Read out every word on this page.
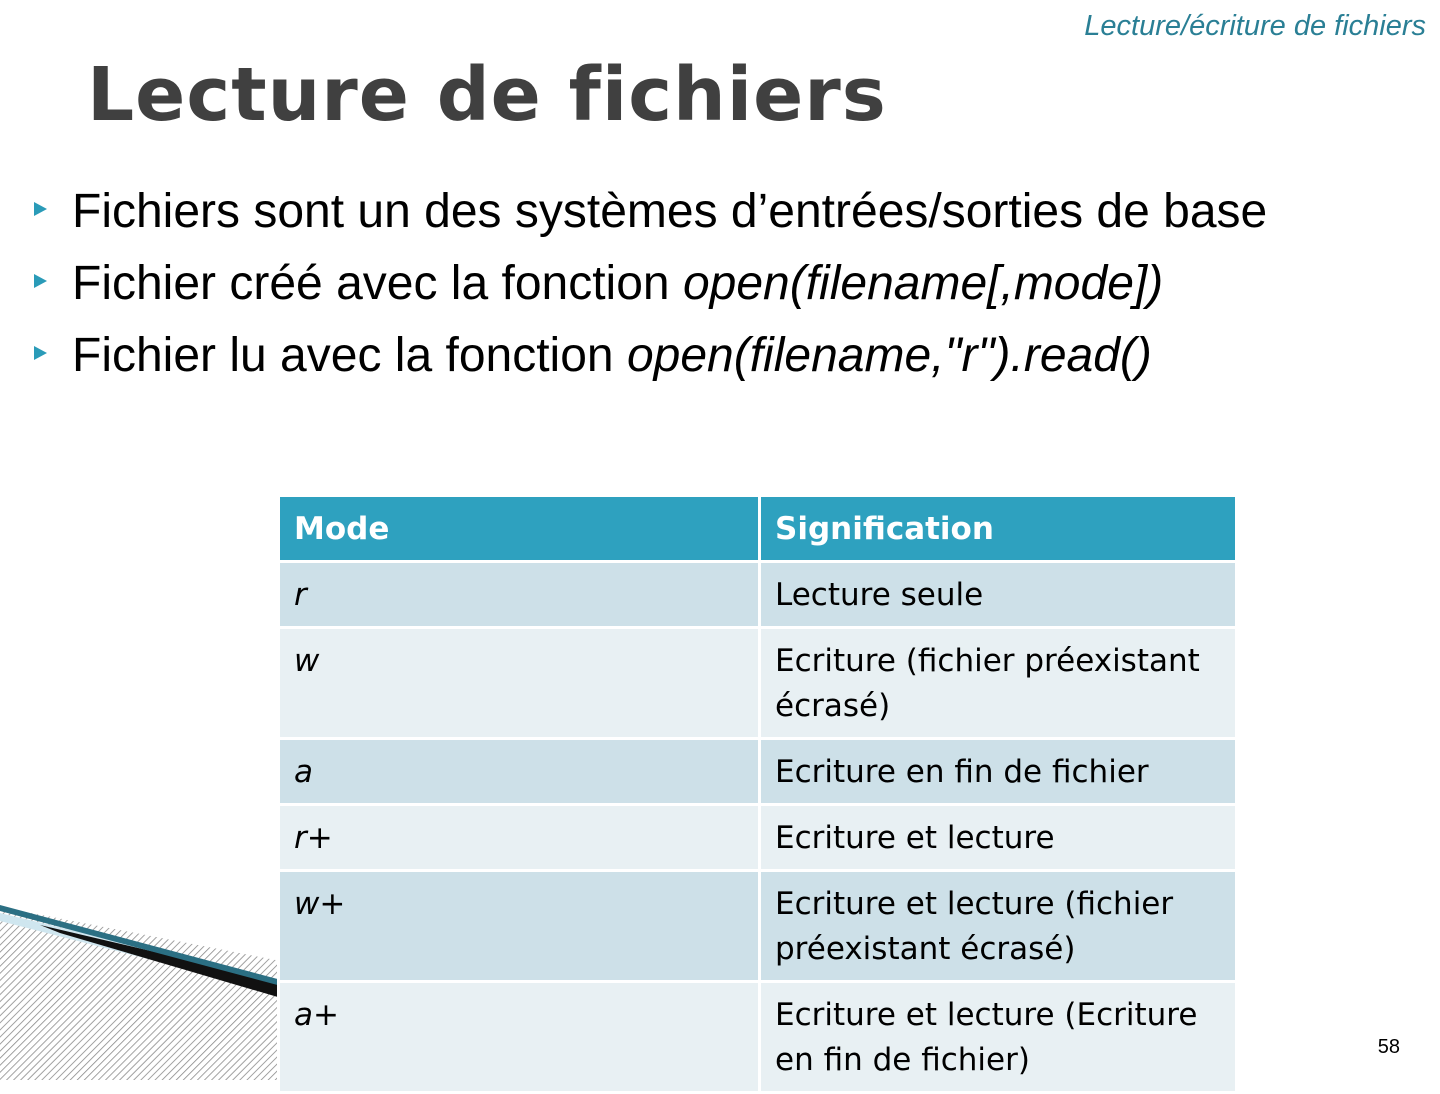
Lecture/écriture de fichiers
Lecture de fichiers
Fichiers sont un des systèmes d’entrées/sorties de base
Fichier créé avec la fonction open(filename[,mode])
Fichier lu avec la fonction open(filename,"r").read()
Mode	Signification
r	Lecture seule
w	Ecriture (fichier préexistant écrasé)
a	Ecriture en fin de fichier
r+	Ecriture et lecture
w+	Ecriture et lecture (fichier préexistant écrasé)
a+	Ecriture et lecture (Ecriture en fin de fichier)	58
